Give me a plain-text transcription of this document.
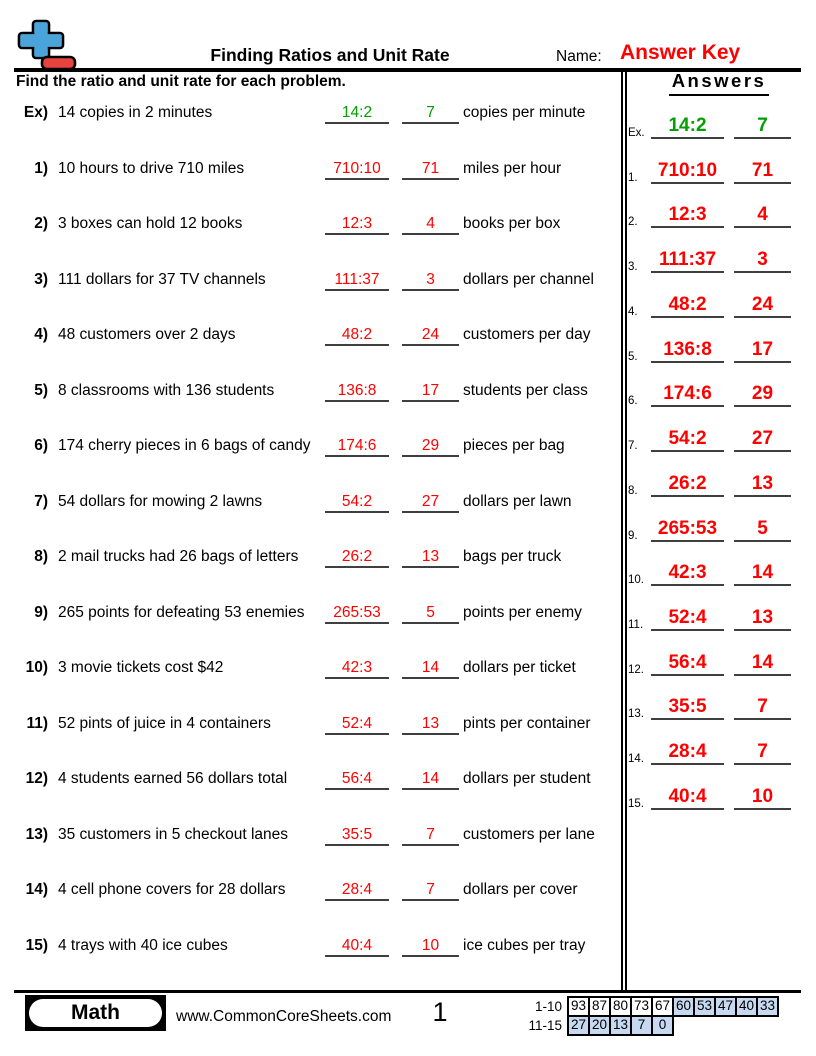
Finding Ratios and Unit Rate	Name: Answer Key
Find the ratio and unit rate for each problem.	Answers
Ex) 14 copies in 2 minutes	14:2	7	copies per minute
1) 10 hours to drive 710 miles	710:10	71	miles per hour
2) 3 boxes can hold 12 books	12:3	4	books per box
3) 111 dollars for 37 TV channels	111:37	3	dollars per channel
4) 48 customers over 2 days	48:2	24	customers per day
5) 8 classrooms with 136 students	136:8	17	students per class
6) 174 cherry pieces in 6 bags of candy	174:6	29	pieces per bag
7) 54 dollars for mowing 2 lawns	54:2	27	dollars per lawn
8) 2 mail trucks had 26 bags of letters	26:2	13	bags per truck
9) 265 points for defeating 53 enemies	265:53	5	points per enemy
10) 3 movie tickets cost $42	42:3	14	dollars per ticket
11) 52 pints of juice in 4 containers	52:4	13	pints per container
12) 4 students earned 56 dollars total	56:4	14	dollars per student
13) 35 customers in 5 checkout lanes	35:5	7	customers per lane
14) 4 cell phone covers for 28 dollars	28:4	7	dollars per cover
15) 4 trays with 40 ice cubes	40:4	10	ice cubes per tray
Ex.	14:2	7
1.	710:10	71
2.	12:3	4
3.	111:37	3
4.	48:2	24
5.	136:8	17
6.	174:6	29
7.	54:2	27
8.	26:2	13
9.	265:53	5
10.	42:3	14
11.	52:4	13
12.	56:4	14
13.	35:5	7
14.	28:4	7
15.	40:4	10
Math	www.CommonCoreSheets.com	1	1-10 93 87 80 73 67 60 53 47 40 33
11-15 27 20 13 7 0
